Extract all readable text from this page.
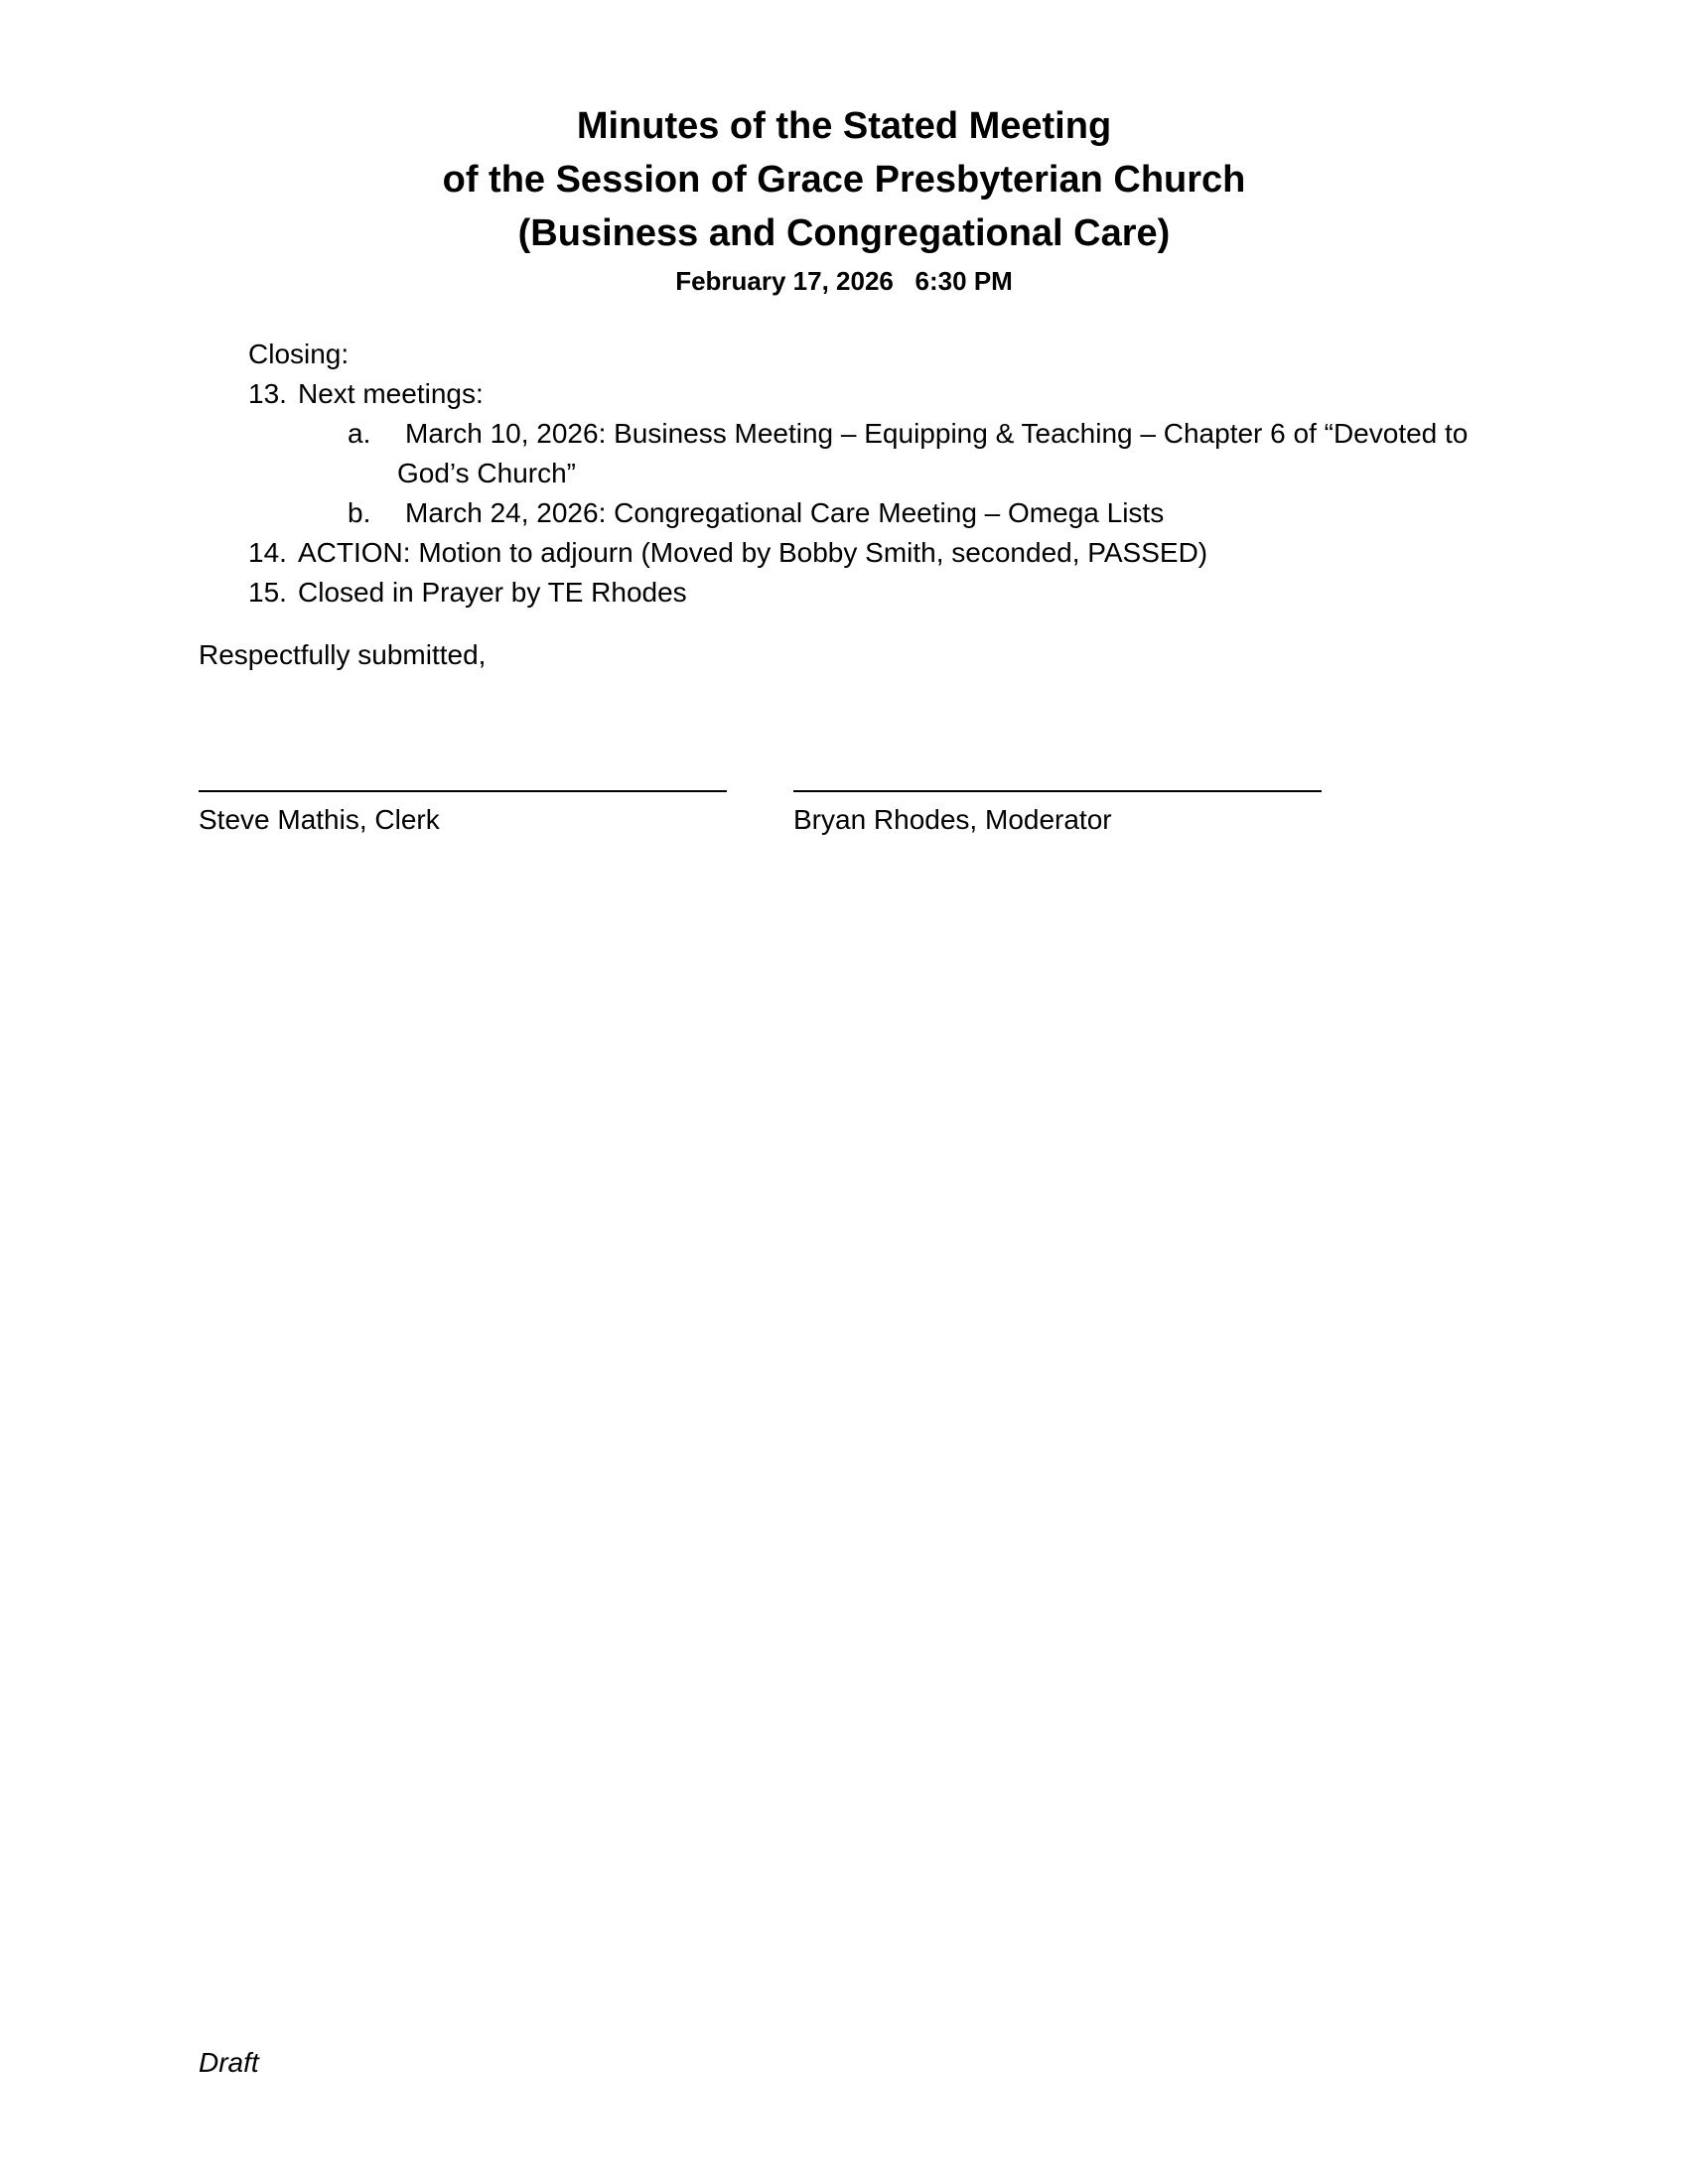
Minutes of the Stated Meeting

of the Session of Grace Presbyterian Church

(Business and Congregational Care)

February 17, 2026   6:30 PM

Closing:
13. Next meetings:
a. March 10, 2026: Business Meeting – Equipping & Teaching – Chapter 6 of “Devoted to God’s Church”
b. March 24, 2026: Congregational Care Meeting – Omega Lists
14. ACTION: Motion to adjourn (Moved by Bobby Smith, seconded, PASSED)
15. Closed in Prayer by TE Rhodes
Respectfully submitted,
Steve Mathis, Clerk	Bryan Rhodes, Moderator
Draft
